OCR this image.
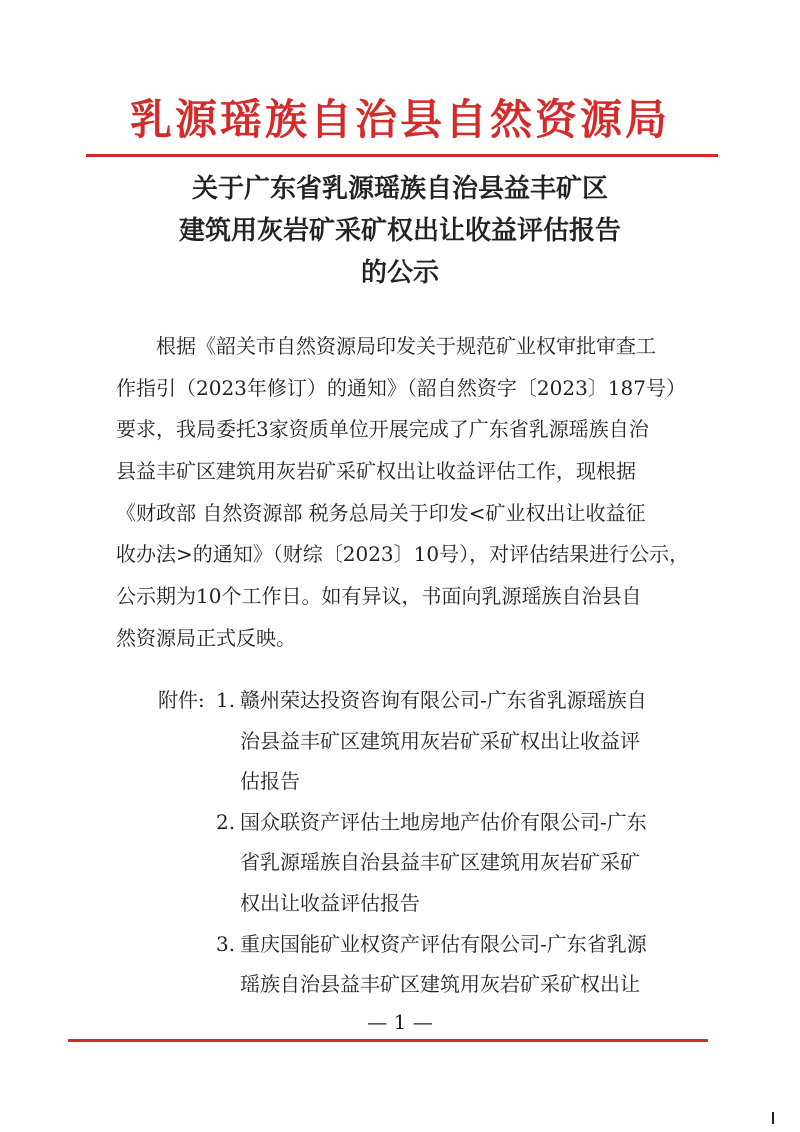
乳源瑶族自治县自然资源局
关于广东省乳源瑶族自治县益丰矿区
建筑用灰岩矿采矿权出让收益评估报告
的公示
　　根据《韶关市自然资源局印发关于规范矿业权审批审查工
作指引（2023年修订）的通知》（韶自然资字〔2023〕187号）
要求，我局委托3家资质单位开展完成了广东省乳源瑶族自治
县益丰矿区建筑用灰岩矿采矿权出让收益评估工作，现根据
《财政部 自然资源部 税务总局关于印发<矿业权出让收益征
收办法>的通知》（财综〔2023〕10号），对评估结果进行公示，
公示期为10个工作日。如有异议，书面向乳源瑶族自治县自
然资源局正式反映。
附件: 1. 赣州荣达投资咨询有限公司-广东省乳源瑶族自
治县益丰矿区建筑用灰岩矿采矿权出让收益评
估报告
2. 国众联资产评估土地房地产估价有限公司-广东
省乳源瑶族自治县益丰矿区建筑用灰岩矿采矿
权出让收益评估报告
3. 重庆国能矿业权资产评估有限公司-广东省乳源
瑶族自治县益丰矿区建筑用灰岩矿采矿权出让
— 1 —
